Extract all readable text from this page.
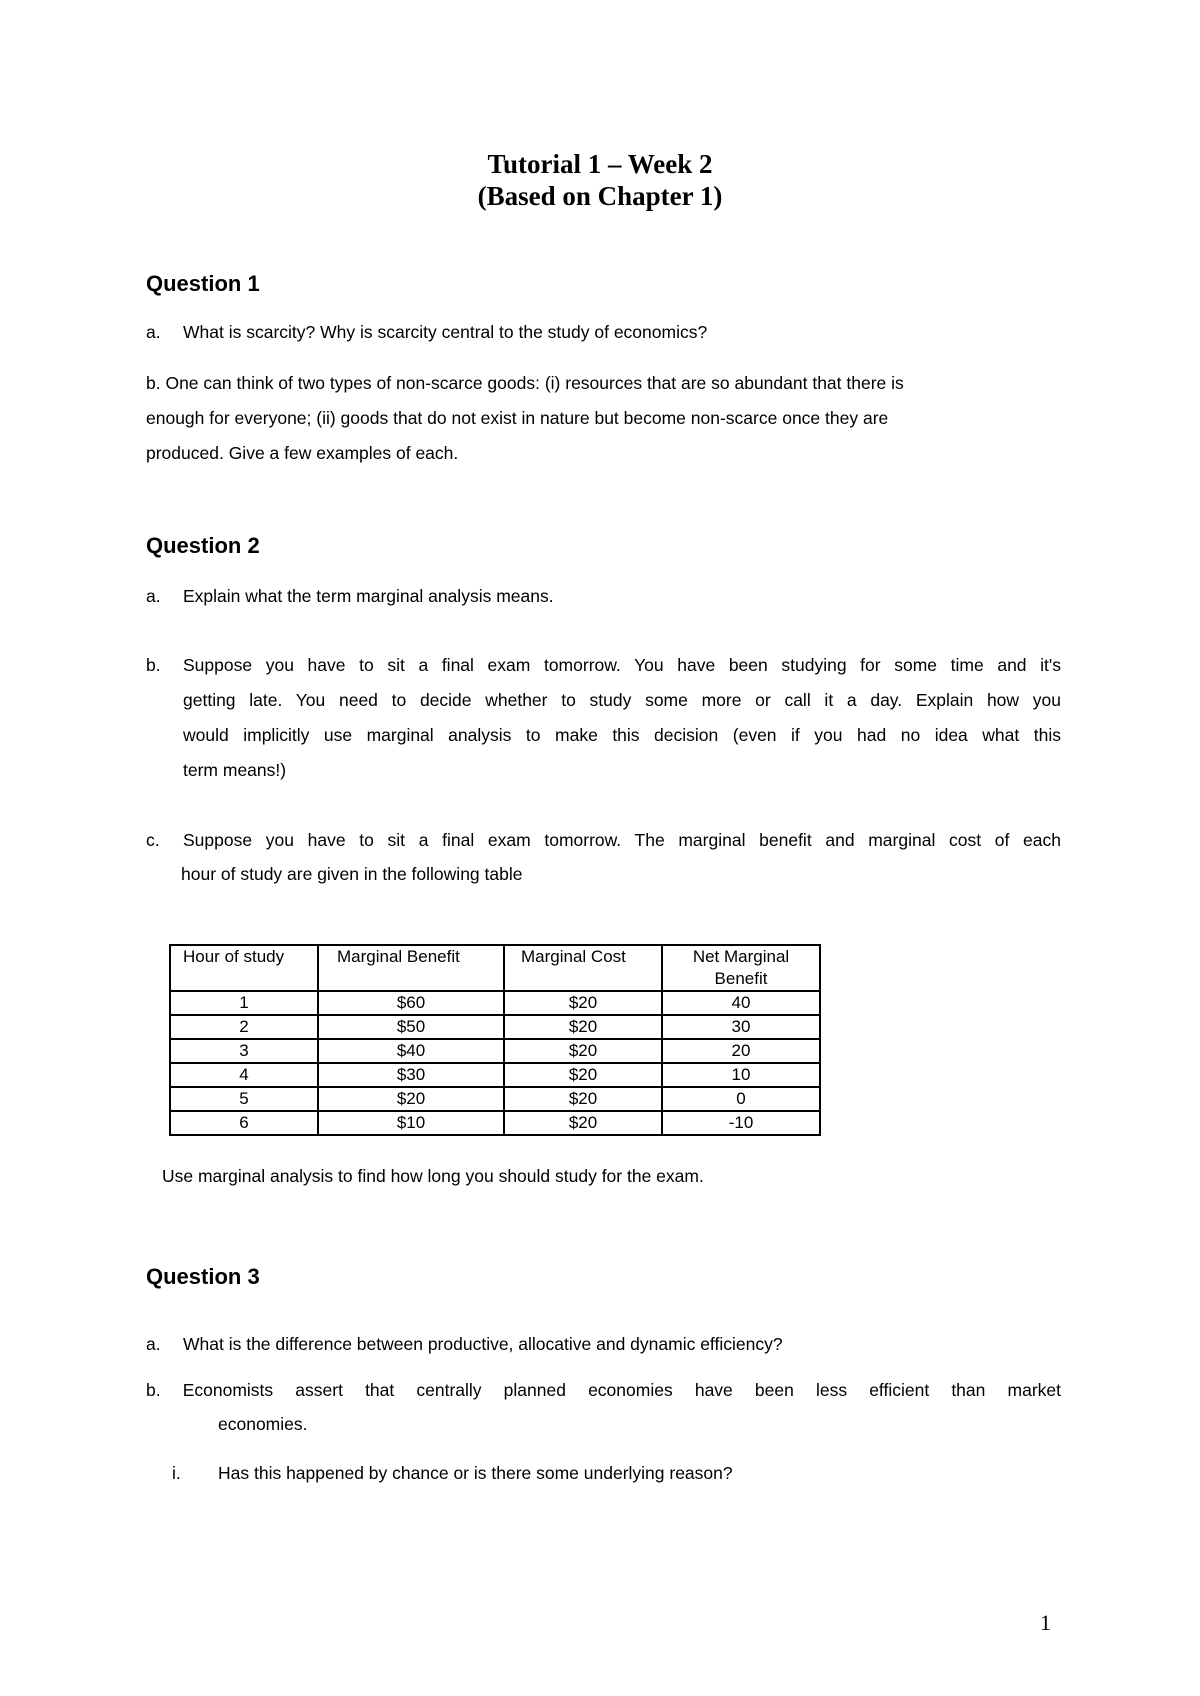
Tutorial 1 – Week 2
(Based on Chapter 1)
Question 1
a. What is scarcity? Why is scarcity central to the study of economics?
b. One can think of two types of non-scarce goods: (i) resources that are so abundant that there is
enough for everyone; (ii) goods that do not exist in nature but become non-scarce once they are
produced. Give a few examples of each.
Question 2
a. Explain what the term marginal analysis means.
b. Suppose you have to sit a final exam tomorrow. You have been studying for some time and it's
getting late. You need to decide whether to study some more or call it a day. Explain how you
would implicitly use marginal analysis to make this decision (even if you had no idea what this
term means!)
c. Suppose you have to sit a final exam tomorrow. The marginal benefit and marginal cost of each
hour of study are given in the following table
Hour of study	Marginal Benefit	Marginal Cost	Net Marginal Benefit
1	$60	$20	40
2	$50	$20	30
3	$40	$20	20
4	$30	$20	10
5	$20	$20	0
6	$10	$20	-10
Use marginal analysis to find how long you should study for the exam.
Question 3
a. What is the difference between productive, allocative and dynamic efficiency?
b. Economists assert that centrally planned economies have been less efficient than market
economies.
i. Has this happened by chance or is there some underlying reason?
1
